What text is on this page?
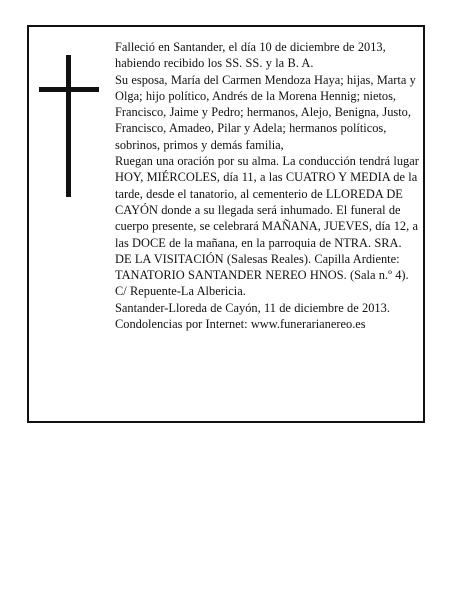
Falleció en Santander, el día 10 de diciembre de 2013, habiendo recibido los SS. SS. y la B. A.

Su esposa, María del Carmen Mendoza Haya; hijas, Marta y Olga; hijo político, Andrés de la Morena Hennig; nietos, Francisco, Jaime y Pedro; hermanos, Alejo, Benigna, Justo, Francisco, Amadeo, Pilar y Adela; hermanos políticos, sobrinos, primos y demás familia,

Ruegan una oración por su alma. La conducción tendrá lugar HOY, MIÉRCOLES, día 11, a las CUATRO Y MEDIA de la tarde, desde el tanatorio, al cementerio de LLOREDA DE CAYÓN donde a su llegada será inhumado. El funeral de cuerpo presente, se celebrará MAÑANA, JUEVES, día 12, a las DOCE de la mañana, en la parroquia de NTRA. SRA. DE LA VISITACIÓN (Salesas Reales). Capilla Ardiente: TANATORIO SANTANDER NEREO HNOS. (Sala n.º 4). C/ Repuente-La Albericia.

Santander-Lloreda de Cayón, 11 de diciembre de 2013.

Condolencias por Internet: www.funerarianereo.es
